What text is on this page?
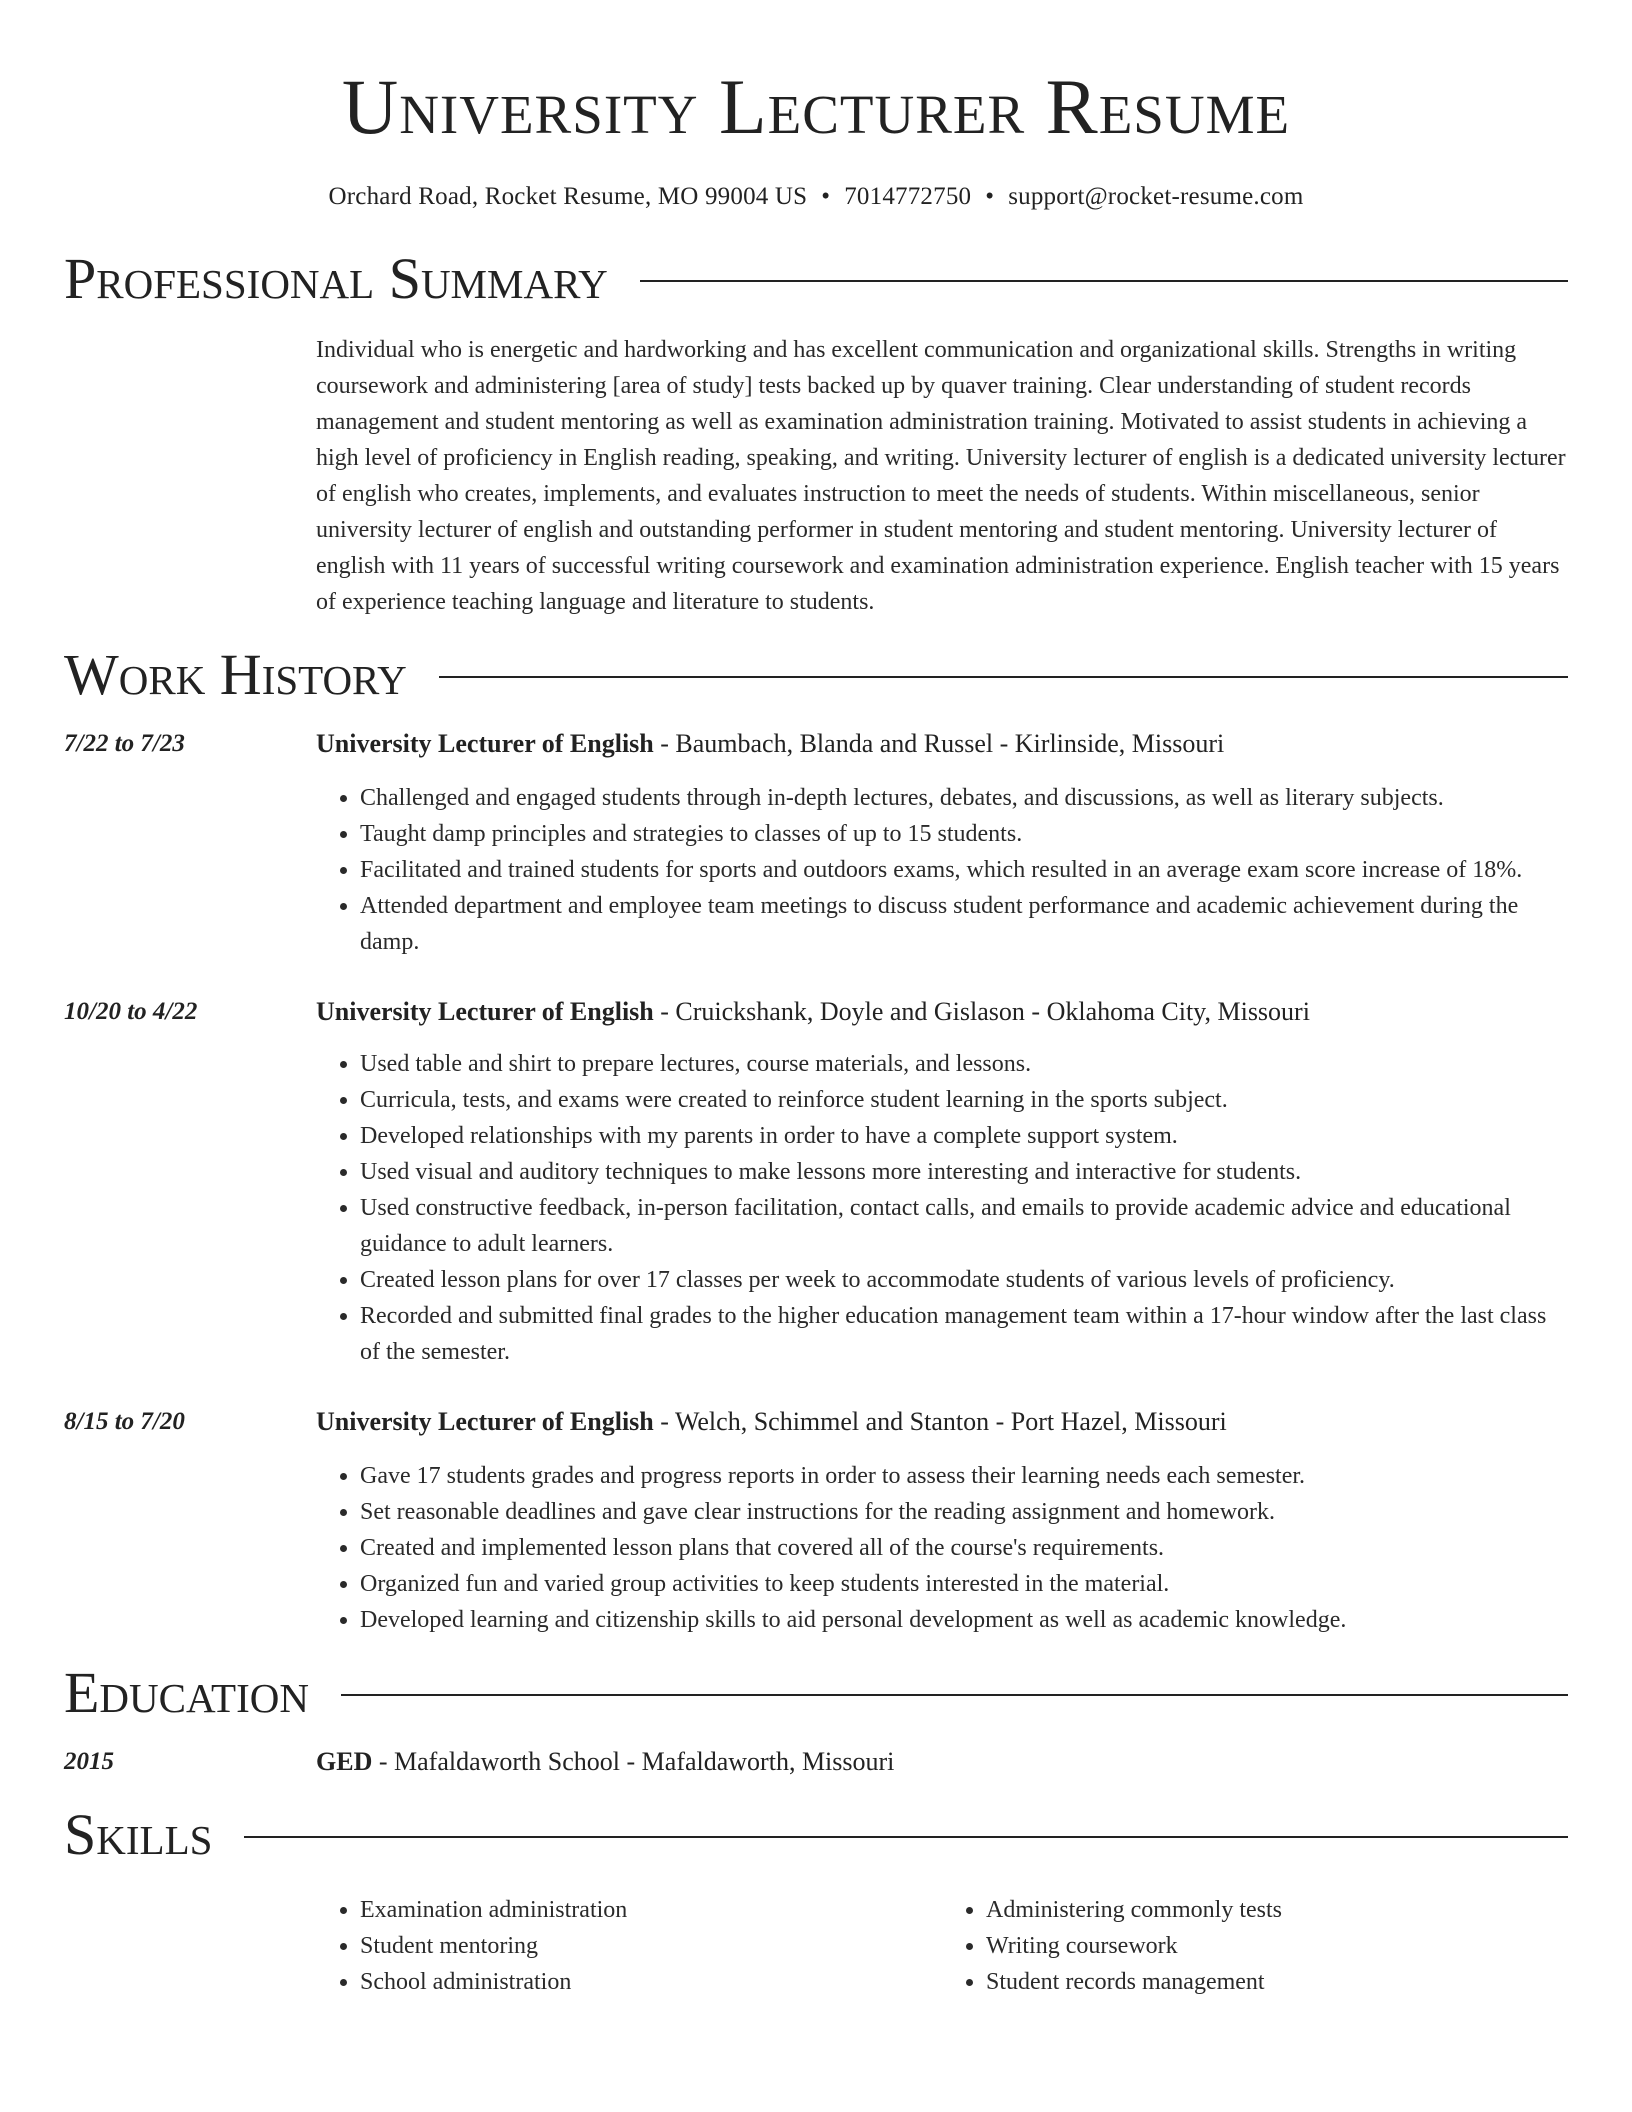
University Lecturer Resume
Orchard Road, Rocket Resume, MO 99004 US • 7014772750 • support@rocket-resume.com
Professional Summary

Individual who is energetic and hardworking and has excellent communication and organizational skills. Strengths in writing coursework and administering [area of study] tests backed up by quaver training. Clear understanding of student records management and student mentoring as well as examination administration training. Motivated to assist students in achieving a high level of proficiency in English reading, speaking, and writing. University lecturer of english is a dedicated university lecturer of english who creates, implements, and evaluates instruction to meet the needs of students. Within miscellaneous, senior university lecturer of english and outstanding performer in student mentoring and student mentoring. University lecturer of english with 11 years of successful writing coursework and examination administration experience. English teacher with 15 years of experience teaching language and literature to students.

Work History
7/22 to 7/23	University Lecturer of English - Baumbach, Blanda and Russel - Kirlinside, Missouri
• Challenged and engaged students through in-depth lectures, debates, and discussions, as well as literary subjects.
• Taught damp principles and strategies to classes of up to 15 students.
• Facilitated and trained students for sports and outdoors exams, which resulted in an average exam score increase of 18%.
• Attended department and employee team meetings to discuss student performance and academic achievement during the damp.
10/20 to 4/22	University Lecturer of English - Cruickshank, Doyle and Gislason - Oklahoma City, Missouri
• Used table and shirt to prepare lectures, course materials, and lessons.
• Curricula, tests, and exams were created to reinforce student learning in the sports subject.
• Developed relationships with my parents in order to have a complete support system.
• Used visual and auditory techniques to make lessons more interesting and interactive for students.
• Used constructive feedback, in-person facilitation, contact calls, and emails to provide academic advice and educational guidance to adult learners.
• Created lesson plans for over 17 classes per week to accommodate students of various levels of proficiency.
• Recorded and submitted final grades to the higher education management team within a 17-hour window after the last class of the semester.
8/15 to 7/20	University Lecturer of English - Welch, Schimmel and Stanton - Port Hazel, Missouri
• Gave 17 students grades and progress reports in order to assess their learning needs each semester.
• Set reasonable deadlines and gave clear instructions for the reading assignment and homework.
• Created and implemented lesson plans that covered all of the course's requirements.
• Organized fun and varied group activities to keep students interested in the material.
• Developed learning and citizenship skills to aid personal development as well as academic knowledge.
Education
2015	GED - Mafaldaworth School - Mafaldaworth, Missouri
Skills
• Examination administration
• Student mentoring
• School administration
• Administering commonly tests
• Writing coursework
• Student records management
